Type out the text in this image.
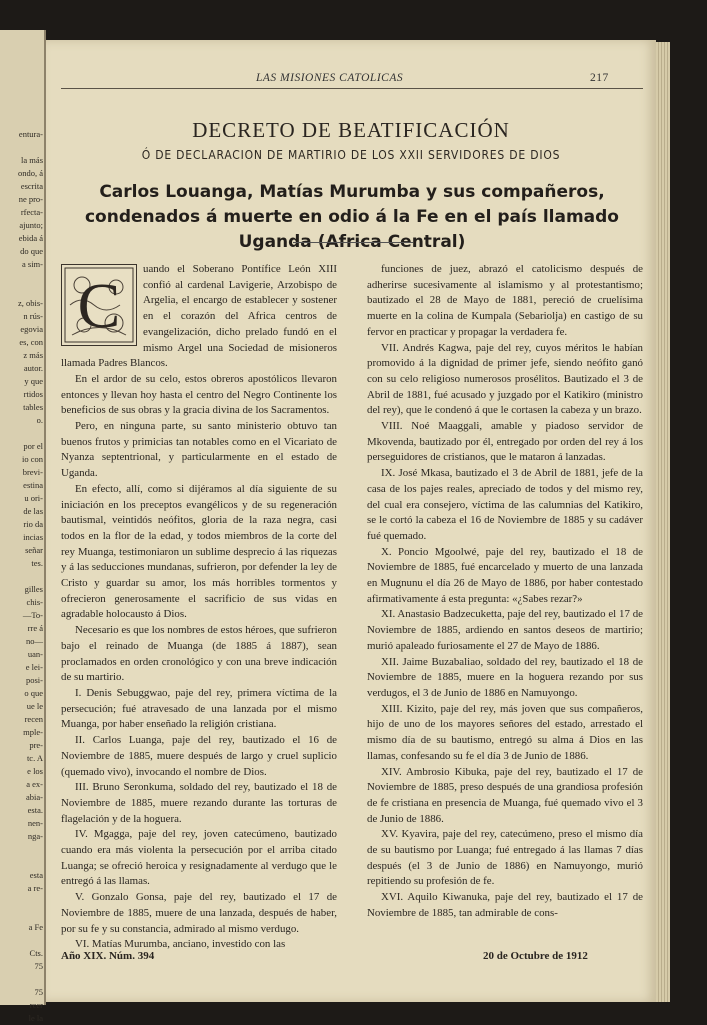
entura-

la más

ondo, á

escrita

ne pro-

rfecta-

ajunto;

ebida á

do que

a sim-

z, obis-

n rús-

egovia

es, con

z más

autor.

y que

rtidos

tables

o.

por el

io con

brevi-

estina

u ori-

de las

rio da

incias

señar

tes.

gilles

chis-

—To-

rre á

no—

uan-

e lei-

posi-

o que

ue le

recen

mple-

pre-

tc. A

e los

a ex-

abia-

esta.

nen-

nga-

esta

a re-

a Fe

Cts.

75

75

rcer

le la

LAS MISIONES CATOLICAS	217
DECRETO DE BEATIFICACIÓN
Ó DE DECLARACION DE MARTIRIO DE LOS XXII SERVIDORES DE DIOS
Carlos Louanga, Matías Murumba y sus compañeros, condenados á muerte en odio á la Fe en el país llamado Uganda (Africa Central)
C

uando el Soberano Pontífice León XIII confió al cardenal Lavigerie, Arzobispo de Argelia, el encargo de establecer y sostener en el corazón del Africa centros de evangelización, dicho prelado fundó en el mismo Argel una Sociedad de misioneros llamada Padres Blancos.

En el ardor de su celo, estos obreros apostólicos llevaron entonces y llevan hoy hasta el centro del Negro Continente los beneficios de sus obras y la gracia divina de los Sacramentos.

Pero, en ninguna parte, su santo ministerio obtuvo tan buenos frutos y primicias tan notables como en el Vicariato de Nyanza septentrional, y particularmente en el estado de Uganda.

En efecto, allí, como si dijéramos al día siguiente de su iniciación en los preceptos evangélicos y de su regeneración bautismal, veintidós neófitos, gloria de la raza negra, casi todos en la flor de la edad, y todos miembros de la corte del rey Muanga, testimoniaron un sublime desprecio á las riquezas y á las seducciones mundanas, sufrieron, por defender la ley de Cristo y guardar su amor, los más horribles tormentos y ofrecieron generosamente el sacrificio de sus vidas en agradable holocausto á Dios.

Necesario es que los nombres de estos héroes, que sufrieron bajo el reinado de Muanga (de 1885 á 1887), sean proclamados en orden cronológico y con una breve indicación de su martirio.

I. Denis Sebuggwao, paje del rey, primera víctima de la persecución; fué atravesado de una lanzada por el mismo Muanga, por haber enseñado la religión cristiana.

II. Carlos Luanga, paje del rey, bautizado el 16 de Noviembre de 1885, muere después de largo y cruel suplicio (quemado vivo), invocando el nombre de Dios.

III. Bruno Seronkuma, soldado del rey, bautizado el 18 de Noviembre de 1885, muere rezando durante las torturas de flagelación y de la hoguera.

IV. Mgagga, paje del rey, joven catecúmeno, bautizado cuando era más violenta la persecución por el arriba citado Luanga; se ofreció heroica y resignadamente al verdugo que le entregó á las llamas.

V. Gonzalo Gonsa, paje del rey, bautizado el 17 de Noviembre de 1885, muere de una lanzada, después de haber, por su fe y su constancia, admirado al mismo verdugo.

VI. Matías Murumba, anciano, investido con las

funciones de juez, abrazó el catolicismo después de adherirse sucesivamente al islamismo y al protestantismo; bautizado el 28 de Mayo de 1881, pereció de cruelísima muerte en la colina de Kumpala (Sebariolja) en castigo de su fervor en practicar y propagar la verdadera fe.

VII. Andrés Kagwa, paje del rey, cuyos méritos le habían promovido á la dignidad de primer jefe, siendo neófito ganó con su celo religioso numerosos prosélitos. Bautizado el 3 de Abril de 1881, fué acusado y juzgado por el Katikiro (ministro del rey), que le condenó á que le cortasen la cabeza y un brazo.

VIII. Noé Maaggali, amable y piadoso servidor de Mkovenda, bautizado por él, entregado por orden del rey á los perseguidores de cristianos, que le mataron á lanzadas.

IX. José Mkasa, bautizado el 3 de Abril de 1881, jefe de la casa de los pajes reales, apreciado de todos y del mismo rey, del cual era consejero, víctima de las calumnias del Katikiro, se le cortó la cabeza el 16 de Noviembre de 1885 y su cadáver fué quemado.

X. Poncio Mgoolwé, paje del rey, bautizado el 18 de Noviembre de 1885, fué encarcelado y muerto de una lanzada en Mugnunu el día 26 de Mayo de 1886, por haber contestado afirmativamente á esta pregunta: «¿Sabes rezar?»

XI. Anastasio Badzecuketta, paje del rey, bautizado el 17 de Noviembre de 1885, ardiendo en santos deseos de martirio; murió apaleado furiosamente el 27 de Mayo de 1886.

XII. Jaime Buzabaliao, soldado del rey, bautizado el 18 de Noviembre de 1885, muere en la hoguera rezando por sus verdugos, el 3 de Junio de 1886 en Namuyongo.

XIII. Kizito, paje del rey, más joven que sus compañeros, hijo de uno de los mayores señores del estado, arrestado el mismo día de su bautismo, entregó su alma á Dios en las llamas, confesando su fe el día 3 de Junio de 1886.

XIV. Ambrosio Kibuka, paje del rey, bautizado el 17 de Noviembre de 1885, preso después de una grandiosa profesión de fe cristiana en presencia de Muanga, fué quemado vivo el 3 de Junio de 1886.

XV. Kyavira, paje del rey, catecúmeno, preso el mismo día de su bautismo por Luanga; fué entregado á las llamas 7 días después (el 3 de Junio de 1886) en Namuyongo, murió repitiendo su profesión de fe.

XVI. Aquilo Kiwanuka, paje del rey, bautizado el 17 de Noviembre de 1885, tan admirable de cons-

Año XIX. Núm. 394	20 de Octubre de 1912
